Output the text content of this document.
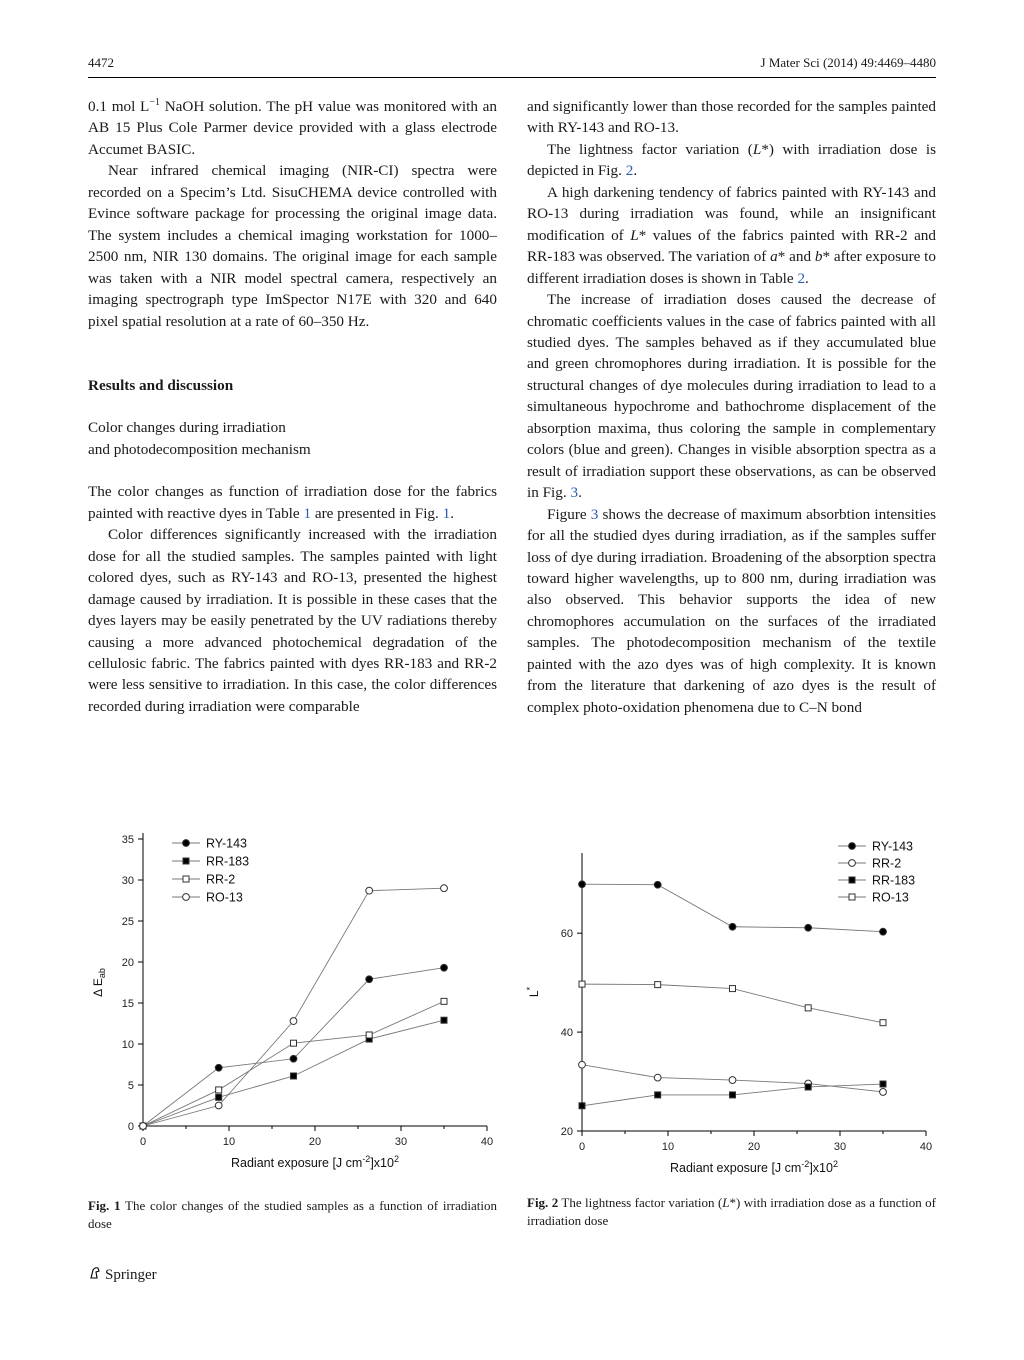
4472	J Mater Sci (2014) 49:4469–4480

0.1 mol $L^{-1}$ NaOH solution. The pH value was monitored with an AB 15 Plus Cole Parmer device provided with a glass electrode Accumet BASIC.

Near infrared chemical imaging (NIR-CI) spectra were recorded on a Specim’s Ltd. SisuCHEMA device controlled with Evince software package for processing the original image data. The system includes a chemical imaging workstation for 1000–2500 nm, NIR 130 domains. The original image for each sample was taken with a NIR model spectral camera, respectively an imaging spectrograph type ImSpector N17E with 320 and 640 pixel spatial resolution at a rate of 60–350 Hz.

Results and discussion

Color changes during irradiation

and photodecomposition mechanism

The color changes as function of irradiation dose for the fabrics painted with reactive dyes in Table 1 are presented in Fig. 1.

Color differences significantly increased with the irradiation dose for all the studied samples. The samples painted with light colored dyes, such as RY-143 and RO-13, presented the highest damage caused by irradiation. It is possible in these cases that the dyes layers may be easily penetrated by the UV radiations thereby causing a more advanced photochemical degradation of the cellulosic fabric. The fabrics painted with dyes RR-183 and RR-2 were less sensitive to irradiation. In this case, the color differences recorded during irradiation were comparable

and significantly lower than those recorded for the samples painted with RY-143 and RO-13.

The lightness factor variation (L*) with irradiation dose is depicted in Fig. 2.

A high darkening tendency of fabrics painted with RY-143 and RO-13 during irradiation was found, while an insignificant modification of L* values of the fabrics painted with RR-2 and RR-183 was observed. The variation of a* and b* after exposure to different irradiation doses is shown in Table 2.

The increase of irradiation doses caused the decrease of chromatic coefficients values in the case of fabrics painted with all studied dyes. The samples behaved as if they accumulated blue and green chromophores during irradiation. It is possible for the structural changes of dye molecules during irradiation to lead to a simultaneous hypochrome and bathochrome displacement of the absorption maxima, thus coloring the sample in complementary colors (blue and green). Changes in visible absorption spectra as a result of irradiation support these observations, as can be observed in Fig. 3.

Figure 3 shows the decrease of maximum absorbtion intensities for all the studied dyes during irradiation, as if the samples suffer loss of dye during irradiation. Broadening of the absorption spectra toward higher wavelengths, up to 800 nm, during irradiation was also observed. This behavior supports the idea of new chromophores accumulation on the surfaces of the irradiated samples. The photodecomposition mechanism of the textile painted with the azo dyes was of high complexity. It is known from the literature that darkening of azo dyes is the result of complex photo-oxidation phenomena due to C–N bond

0	10	20	30	40
0
5
10
15
20
25
30
35
Radiant exposure [J $cm^{-2}]x10^2$
Δ $E_{ab}$
RY-143
RR-183
RR-2
RO-13
0	10	20	30	40
20
40
60
Radiant exposure [J $cm^{-2}]x10^2$
L*
RY-143
RR-2
RR-183
RO-13
Fig. 1 The color changes of the studied samples as a function of irradiation dose
Fig. 2 The lightness factor variation (L*) with irradiation dose as a function of irradiation dose
Springer
